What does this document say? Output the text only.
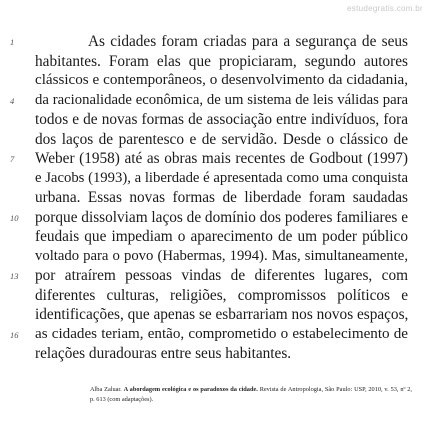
estudegratis.com.br
1	As cidades foram criadas para a segurança de seus
habitantes. Foram elas que propiciaram, segundo autores
clássicos e contemporâneos, o desenvolvimento da cidadania,
4 da racionalidade econômica, de um sistema de leis válidas para
todos e de novas formas de associação entre indivíduos, fora
dos laços de parentesco e de servidão. Desde o clássico de
7 Weber (1958) até as obras mais recentes de Godbout (1997)
e Jacobs (1993), a liberdade é apresentada como uma conquista
urbana. Essas novas formas de liberdade foram saudadas
10 porque dissolviam laços de domínio dos poderes familiares e
feudais que impediam o aparecimento de um poder público
voltado para o povo (Habermas, 1994). Mas, simultaneamente,
13 por atraírem pessoas vindas de diferentes lugares, com
diferentes culturas, religiões, compromissos políticos e
identificações, que apenas se esbarrariam nos novos espaços,
16 as cidades teriam, então, comprometido o estabelecimento de
relações duradouras entre seus habitantes.
Alba Zaluar. A abordagem ecológica e os paradoxos da cidade. Revista de Antropologia, São Paulo: USP, 2010, v. 53, nº 2, p. 613 (com adaptações).
